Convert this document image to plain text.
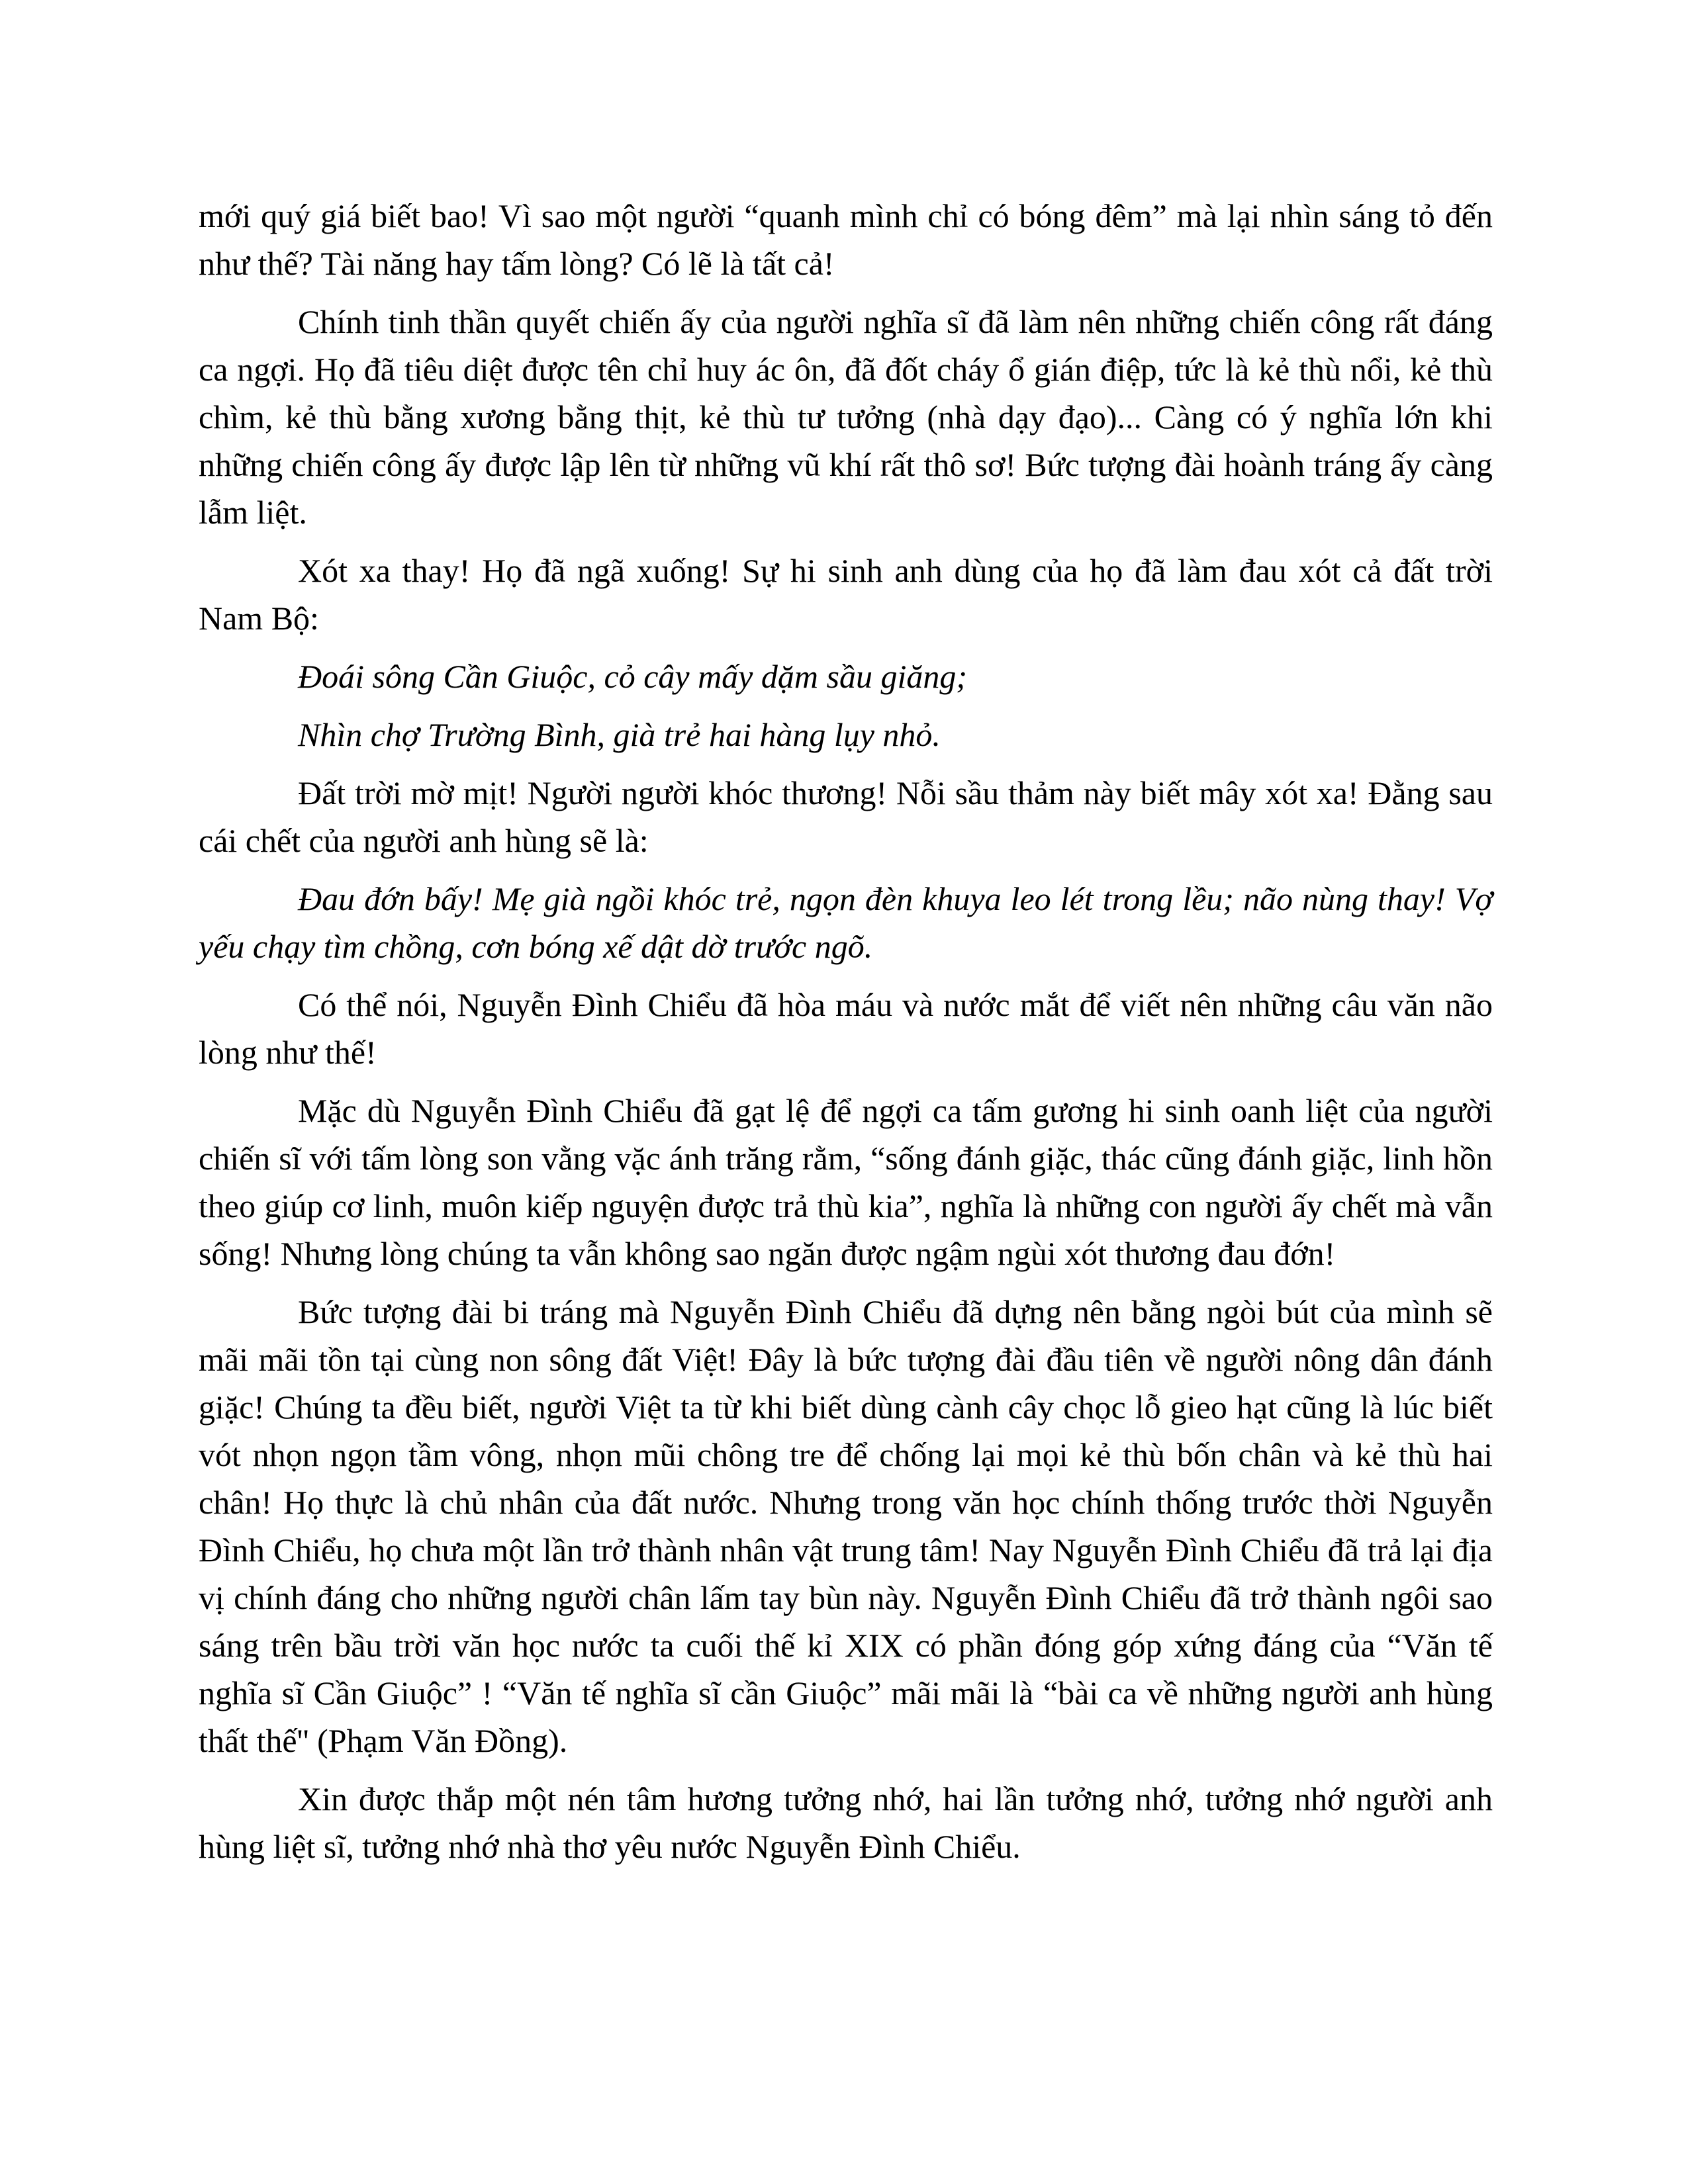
mới quý giá biết bao! Vì sao một người “quanh mình chỉ có bóng đêm” mà lại nhìn sáng tỏ đến như thế? Tài năng hay tấm lòng? Có lẽ là tất cả!

Chính tinh thần quyết chiến ấy của người nghĩa sĩ đã làm nên những chiến công rất đáng ca ngợi. Họ đã tiêu diệt được tên chỉ huy ác ôn, đã đốt cháy ổ gián điệp, tức là kẻ thù nổi, kẻ thù chìm, kẻ thù bằng xương bằng thịt, kẻ thù tư tưởng (nhà dạy đạo)... Càng có ý nghĩa lớn khi những chiến công ấy được lập lên từ những vũ khí rất thô sơ! Bức tượng đài hoành tráng ấy càng lẫm liệt.

Xót xa thay! Họ đã ngã xuống! Sự hi sinh anh dùng của họ đã làm đau xót cả đất trời Nam Bộ:

Đoái sông Cần Giuộc, cỏ cây mấy dặm sầu giăng;
Nhìn chợ Trường Bình, già trẻ hai hàng lụy nhỏ.

Đất trời mờ mịt! Người người khóc thương! Nỗi sầu thảm này biết mây xót xa! Đằng sau cái chết của người anh hùng sẽ là:

Đau đớn bấy! Mẹ già ngồi khóc trẻ, ngọn đèn khuya leo lét trong lều; não nùng thay! Vợ yếu chạy tìm chồng, cơn bóng xế dật dờ trước ngõ.

Có thể nói, Nguyễn Đình Chiểu đã hòa máu và nước mắt để viết nên những câu văn não lòng như thế!

Mặc dù Nguyễn Đình Chiểu đã gạt lệ để ngợi ca tấm gương hi sinh oanh liệt của người chiến sĩ với tấm lòng son vằng vặc ánh trăng rằm, “sống đánh giặc, thác cũng đánh giặc, linh hồn theo giúp cơ linh, muôn kiếp nguyện được trả thù kia”, nghĩa là những con người ấy chết mà vẫn sống! Nhưng lòng chúng ta vẫn không sao ngăn được ngậm ngùi xót thương đau đớn!

Bức tượng đài bi tráng mà Nguyễn Đình Chiểu đã dựng nên bằng ngòi bút của mình sẽ mãi mãi tồn tại cùng non sông đất Việt! Đây là bức tượng đài đầu tiên về người nông dân đánh giặc! Chúng ta đều biết, người Việt ta từ khi biết dùng cành cây chọc lỗ gieo hạt cũng là lúc biết vót nhọn ngọn tầm vông, nhọn mũi chông tre để chống lại mọi kẻ thù bốn chân và kẻ thù hai chân! Họ thực là chủ nhân của đất nước. Nhưng trong văn học chính thống trước thời Nguyễn Đình Chiểu, họ chưa một lần trở thành nhân vật trung tâm! Nay Nguyễn Đình Chiểu đã trả lại địa vị chính đáng cho những người chân lấm tay bùn này. Nguyễn Đình Chiểu đã trở thành ngôi sao sáng trên bầu trời văn học nước ta cuối thế kỉ XIX có phần đóng góp xứng đáng của “Văn tế nghĩa sĩ Cần Giuộc” ! “Văn tế nghĩa sĩ cần Giuộc” mãi mãi là “bài ca về những người anh hùng thất thế'' (Phạm Văn Đồng).

Xin được thắp một nén tâm hương tưởng nhớ, hai lần tưởng nhớ, tưởng nhớ người anh hùng liệt sĩ, tưởng nhớ nhà thơ yêu nước Nguyễn Đình Chiểu.
